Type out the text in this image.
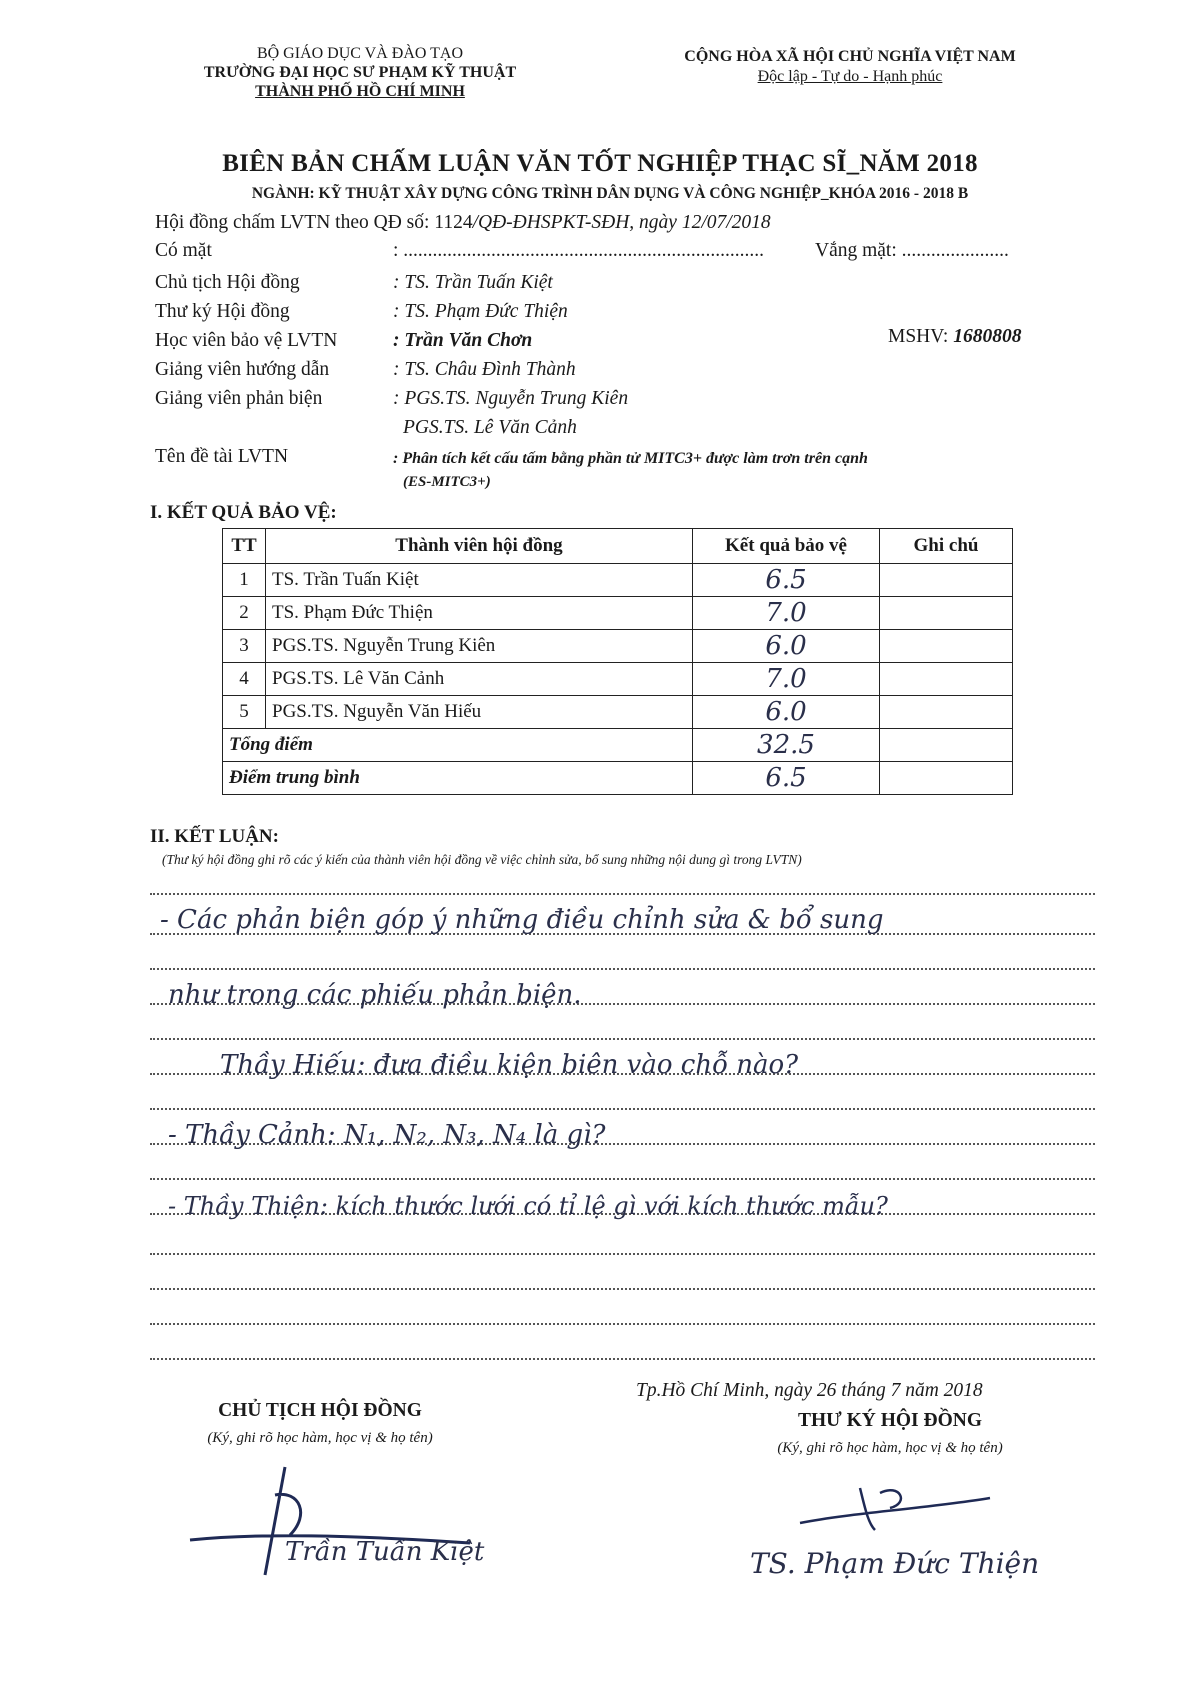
BỘ GIÁO DỤC VÀ ĐÀO TẠO
TRƯỜNG ĐẠI HỌC SƯ PHẠM KỸ THUẬT
THÀNH PHỐ HỒ CHÍ MINH
CỘNG HÒA XÃ HỘI CHỦ NGHĨA VIỆT NAM
Độc lập - Tự do - Hạnh phúc
BIÊN BẢN CHẤM LUẬN VĂN TỐT NGHIỆP THẠC SĨ_NĂM 2018
NGÀNH: KỸ THUẬT XÂY DỰNG CÔNG TRÌNH DÂN DỤNG VÀ CÔNG NGHIỆP_KHÓA 2016 - 2018 B
Hội đồng chấm LVTN theo QĐ số: 1124/QĐ-ĐHSPKT-SĐH, ngày 12/07/2018
Có mặt	: ..........................................................................	Vắng mặt: ......................
Chủ tịch Hội đồng	: TS. Trần Tuấn Kiệt
Thư ký Hội đồng	: TS. Phạm Đức Thiện
Học viên bảo vệ LVTN	: Trần Văn Chơn
Giảng viên hướng dẫn	: TS. Châu Đình Thành
Giảng viên phản biện	: PGS.TS. Nguyễn Trung Kiên
PGS.TS. Lê Văn Cảnh
MSHV: 1680808
Tên đề tài LVTN	: Phân tích kết cấu tấm bằng phần tử MITC3+ được làm trơn trên cạnh
(ES-MITC3+)
I. KẾT QUẢ BẢO VỆ:
TT	Thành viên hội đồng	Kết quả bảo vệ	Ghi chú
1	TS. Trần Tuấn Kiệt	6.5	
2	TS. Phạm Đức Thiện	7.0	
3	PGS.TS. Nguyễn Trung Kiên	6.0	
4	PGS.TS. Lê Văn Cảnh	7.0	
5	PGS.TS. Nguyễn Văn Hiếu	6.0	
Tổng điểm		32.5	
Điểm trung bình		6.5	
II. KẾT LUẬN:
(Thư ký hội đồng ghi rõ các ý kiến của thành viên hội đồng về việc chỉnh sửa, bổ sung những nội dung gì trong LVTN)
- Các phản biện góp ý những điều chỉnh sửa & bổ sung
như trong các phiếu phản biện.
Thầy Hiếu: đưa điều kiện biên vào chỗ nào?
- Thầy Cảnh: N₁, N₂, N₃, N₄ là gì?
- Thầy Thiện: kích thước lưới có tỉ lệ gì với kích thước mẫu?
Tp.Hồ Chí Minh, ngày 26 tháng 7 năm 2018
CHỦ TỊCH HỘI ĐỒNG
(Ký, ghi rõ học hàm, học vị & họ tên)
Trần Tuấn Kiệt
THƯ KÝ HỘI ĐỒNG
(Ký, ghi rõ học hàm, học vị & họ tên)
TS. Phạm Đức Thiện
